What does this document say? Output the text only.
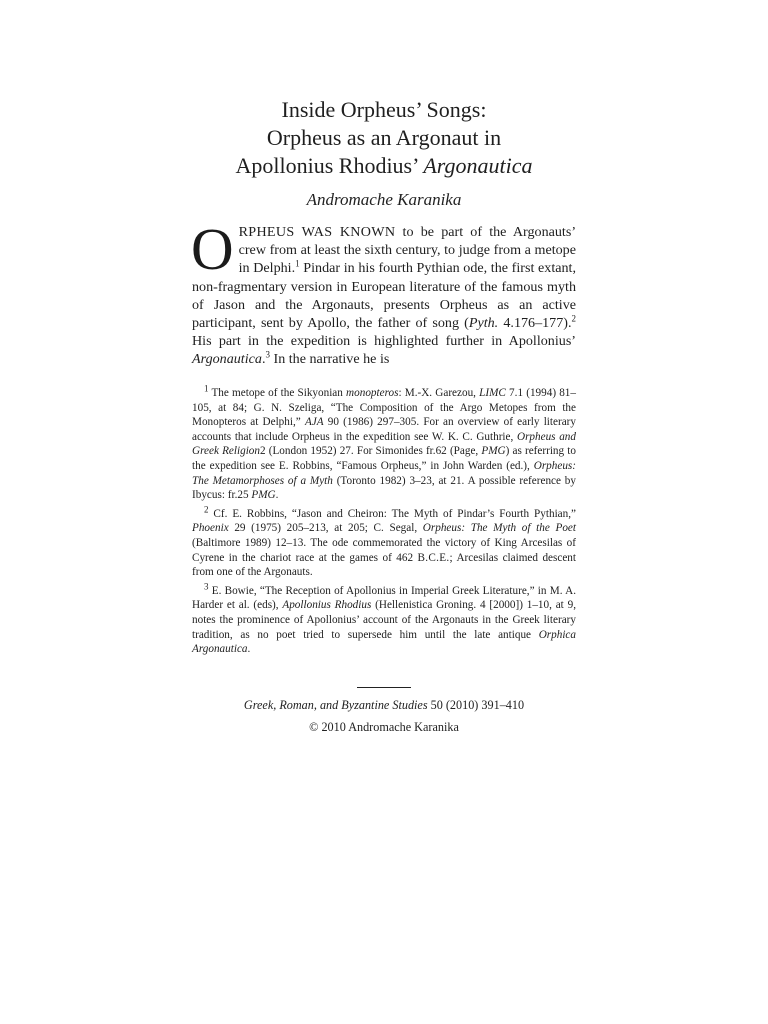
Inside Orpheus’ Songs:
Orpheus as an Argonaut in
Apollonius Rhodius’ Argonautica
Andromache Karanika
ORPHEUS WAS KNOWN to be part of the Argonauts’ crew from at least the sixth century, to judge from a metope in Delphi.$^1$ Pindar in his fourth Pythian ode, the first extant, non-fragmentary version in European literature of the famous myth of Jason and the Argonauts, presents Orpheus as an active participant, sent by Apollo, the father of song (Pyth. 4.176–177).$^2$ His part in the expedition is highlighted further in Apollonius’ Argonautica.$^3$ In the narrative he is

$^1$ The metope of the Sikyonian monopteros: M.-X. Garezou, LIMC 7.1 (1994) 81–105, at 84; G. N. Szeliga, “The Composition of the Argo Metopes from the Monopteros at Delphi,” AJA 90 (1986) 297–305. For an overview of early literary accounts that include Orpheus in the expedition see W. K. C. Guthrie, Orpheus and Greek Religion2 (London 1952) 27. For Simonides fr.62 (Page, PMG) as referring to the expedition see E. Robbins, “Famous Orpheus,” in John Warden (ed.), Orpheus: The Metamorphoses of a Myth (Toronto 1982) 3–23, at 21. A possible reference by Ibycus: fr.25 PMG.

$^2$ Cf. E. Robbins, “Jason and Cheiron: The Myth of Pindar’s Fourth Pythian,” Phoenix 29 (1975) 205–213, at 205; C. Segal, Orpheus: The Myth of the Poet (Baltimore 1989) 12–13. The ode commemorated the victory of King Arcesilas of Cyrene in the chariot race at the games of 462 B.C.E.; Arcesilas claimed descent from one of the Argonauts.

$^3$ E. Bowie, “The Reception of Apollonius in Imperial Greek Literature,” in M. A. Harder et al. (eds), Apollonius Rhodius (Hellenistica Groning. 4 [2000]) 1–10, at 9, notes the prominence of Apollonius’ account of the Argonauts in the Greek literary tradition, as no poet tried to supersede him until the late antique Orphica Argonautica.

Greek, Roman, and Byzantine Studies 50 (2010) 391–410
© 2010 Andromache Karanika
